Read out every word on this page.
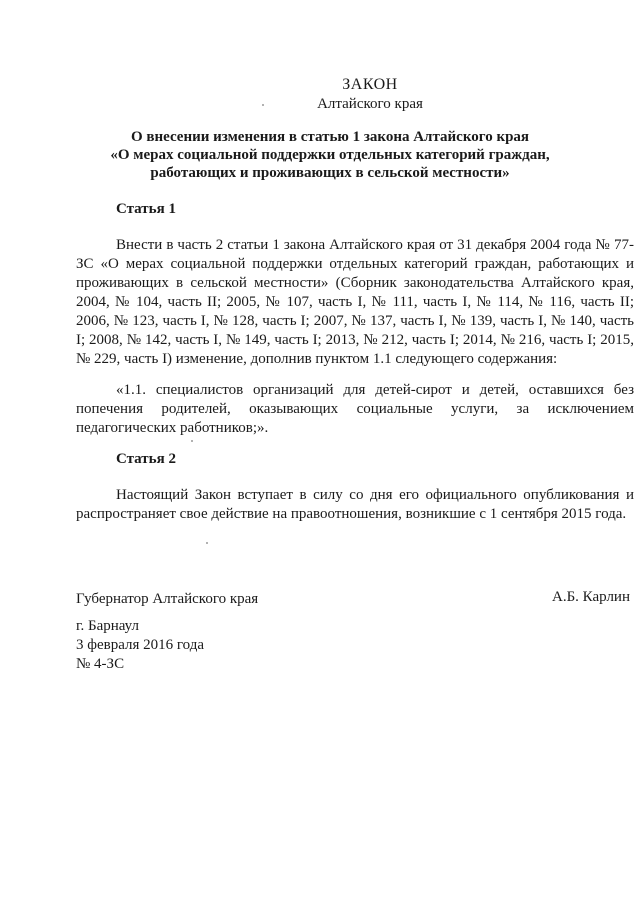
ЗАКОН
Алтайского края
О внесении изменения в статью 1 закона Алтайского края
«О мерах социальной поддержки отдельных категорий граждан,
работающих и проживающих в сельской местности»
Статья 1
Внести в часть 2 статьи 1 закона Алтайского края от 31 декабря 2004 года № 77-ЗС «О мерах социальной поддержки отдельных категорий граждан, работающих и проживающих в сельской местности» (Сборник законодательства Алтайского края, 2004, № 104, часть II; 2005, № 107, часть I, № 111, часть I, № 114, № 116, часть II; 2006, № 123, часть I, № 128, часть I; 2007, № 137, часть I, № 139, часть I, № 140, часть I; 2008, № 142, часть I, № 149, часть I; 2013, № 212, часть I; 2014, № 216, часть I; 2015, № 229, часть I) изменение, дополнив пунктом 1.1 следующего содержания:
«1.1. специалистов организаций для детей-сирот и детей, оставшихся без попечения родителей, оказывающих социальные услуги, за исключением педагогических работников;».
Статья 2
Настоящий Закон вступает в силу со дня его официального опубликования и распространяет свое действие на правоотношения, возникшие с 1 сентября 2015 года.
Губернатор Алтайского края	А.Б. Карлин
г. Барнаул
3 февраля 2016 года
№ 4-ЗС
